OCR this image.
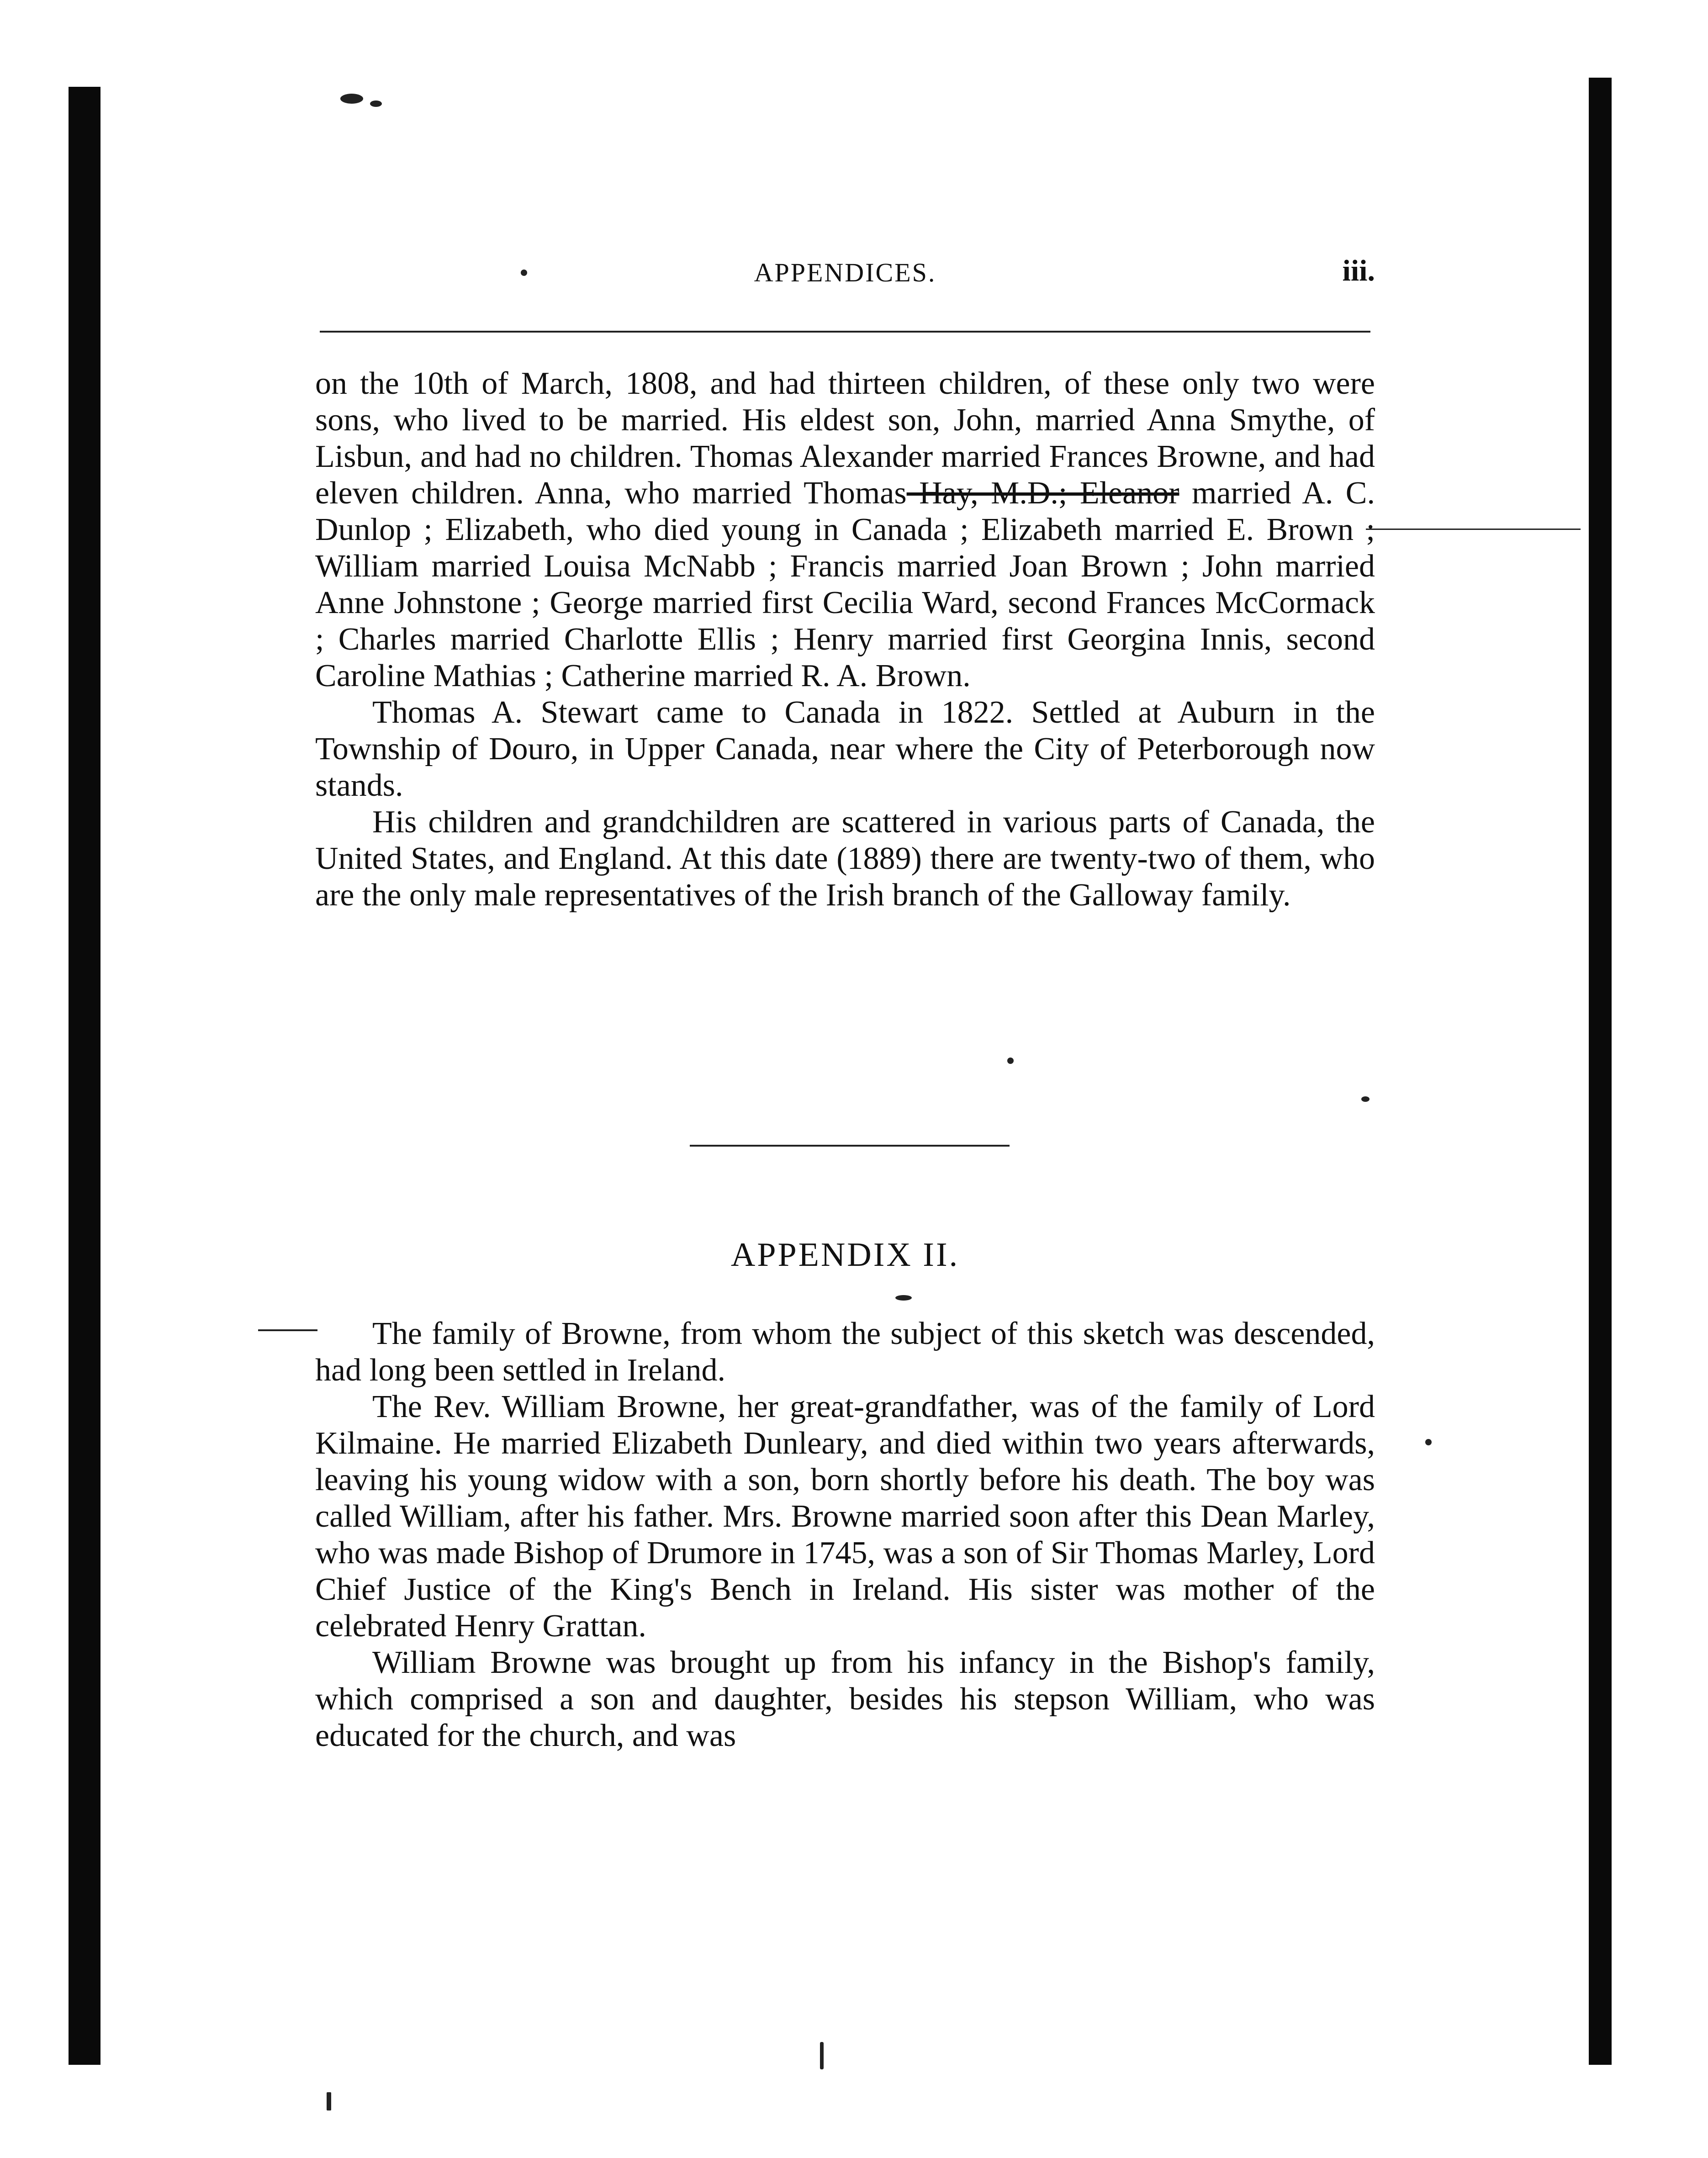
APPENDICES.	iii.

on the 10th of March, 1808, and had thirteen children, of these only two were sons, who lived to be married. His eldest son, John, married Anna Smythe, of Lisbun, and had no children. Thomas Alexander married Frances Browne, and had eleven children. Anna, who married Thomas Hay, M.D.; Eleanor married A. C. Dunlop ; Elizabeth, who died young in Canada ; Elizabeth married E. Brown ; William married Louisa McNabb ; Francis married Joan Brown ; John married Anne Johnstone ; George married first Cecilia Ward, second Frances McCormack ; Charles married Charlotte Ellis ; Henry married first Georgina Innis, second Caroline Mathias ; Catherine married R. A. Brown.

Thomas A. Stewart came to Canada in 1822. Settled at Auburn in the Township of Douro, in Upper Canada, near where the City of Peterborough now stands.

His children and grandchildren are scattered in various parts of Canada, the United States, and England. At this date (1889) there are twenty-two of them, who are the only male representatives of the Irish branch of the Galloway family.

APPENDIX II.

The family of Browne, from whom the subject of this sketch was descended, had long been settled in Ireland.

The Rev. William Browne, her great-grandfather, was of the family of Lord Kilmaine. He married Elizabeth Dunleary, and died within two years afterwards, leaving his young widow with a son, born shortly before his death. The boy was called William, after his father. Mrs. Browne married soon after this Dean Marley, who was made Bishop of Drumore in 1745, was a son of Sir Thomas Marley, Lord Chief Justice of the King's Bench in Ireland. His sister was mother of the celebrated Henry Grattan.

William Browne was brought up from his infancy in the Bishop's family, which comprised a son and daughter, besides his stepson William, who was educated for the church, and was
